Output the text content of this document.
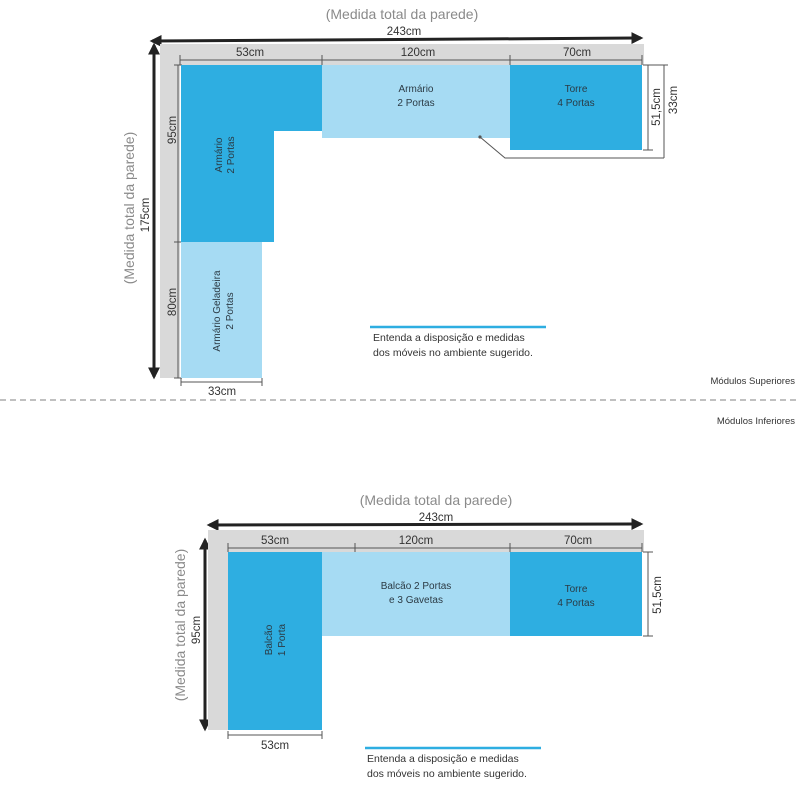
(Medida total da parede)
243cm
(Medida total da parede) 175cm
53cm	120cm	70cm
95cm
80cm
Armário 2 Portas
Armário
2 Portas
Torre
4 Portas
Armário Geladeira 2 Portas
51,5cm 33cm
33cm
Entenda a disposição e medidas
dos móveis no ambiente sugerido.
Módulos Superiores
Módulos Inferiores
(Medida total da parede)
243cm
(Medida total da parede) 95cm
53cm	120cm	70cm
Balcão 1 Porta
Balcão 2 Portas
e 3 Gavetas
Torre
4 Portas	51,5cm
53cm
Entenda a disposição e medidas
dos móveis no ambiente sugerido.
